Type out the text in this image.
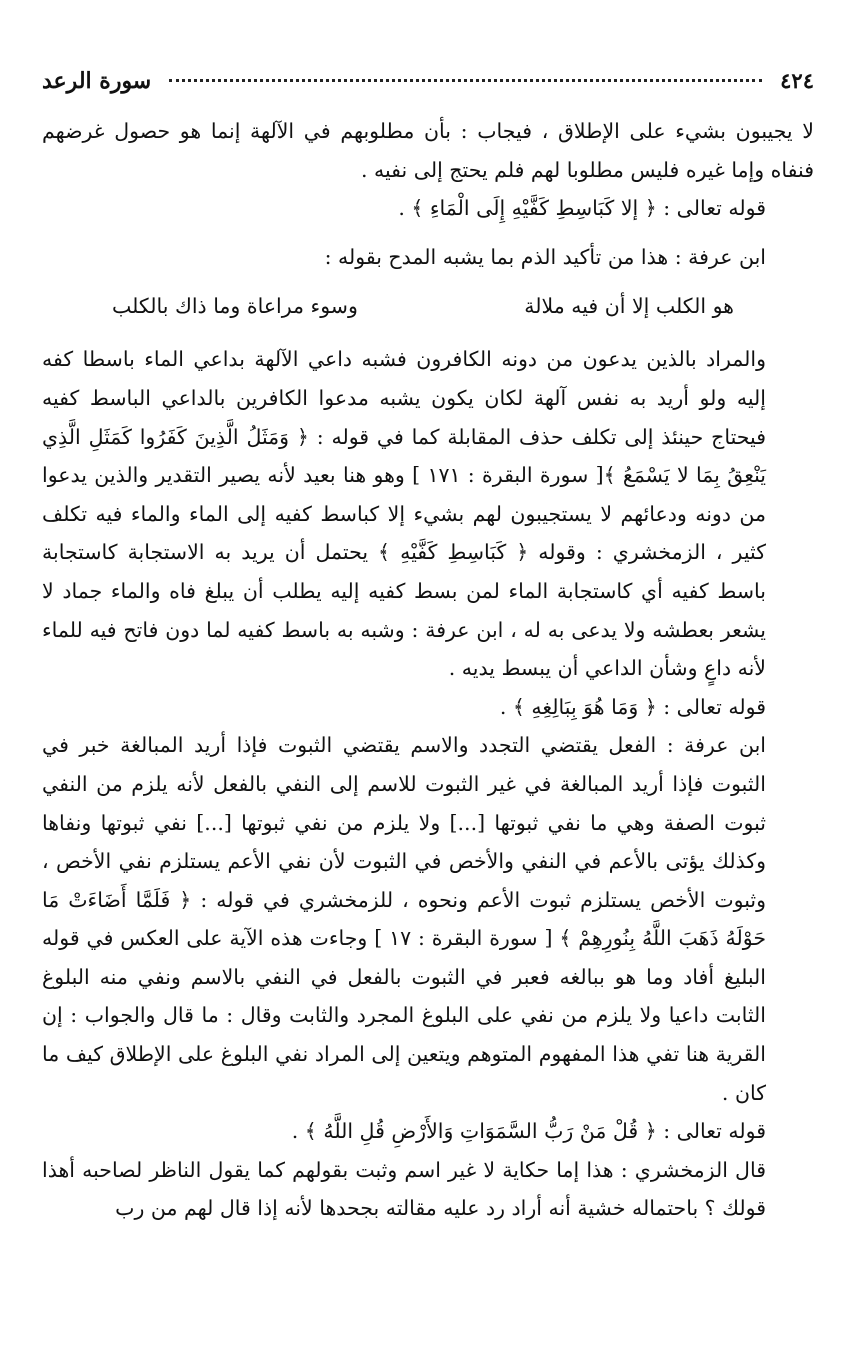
٤٢٤
سورة الرعد

لا يجيبون بشيء على الإطلاق ، فيجاب : بأن مطلوبهم في الآلهة إنما هو حصول غرضهم فنفاه وإما غيره فليس مطلوبا لهم فلم يحتج إلى نفيه .

قوله تعالى : ﴿ إلا كَبَاسِطِ كَفَّيْهِ إِلَى الْمَاءِ ﴾ .

ابن عرفة : هذا من تأكيد الذم بما يشبه المدح بقوله :

هو الكلب إلا أن فيه ملالة
وسوء مراعاة وما ذاك بالكلب

والمراد بالذين يدعون من دونه الكافرون فشبه داعي الآلهة بداعي الماء باسطا كفه إليه ولو أريد به نفس آلهة لكان يكون يشبه مدعوا الكافرين بالداعي الباسط كفيه فيحتاج حينئذ إلى تكلف حذف المقابلة كما في قوله : ﴿ وَمَثَلُ الَّذِينَ كَفَرُوا كَمَثَلِ الَّذِي يَنْعِقُ بِمَا لا يَسْمَعُ ﴾[ سورة البقرة : ١٧١ ] وهو هنا بعيد لأنه يصير التقدير والذين يدعوا من دونه ودعائهم لا يستجيبون لهم بشيء إلا كباسط كفيه إلى الماء والماء فيه تكلف كثير ، الزمخشري : وقوله ﴿ كَبَاسِطِ كَفَّيْهِ ﴾ يحتمل أن يريد به الاستجابة كاستجابة باسط كفيه أي كاستجابة الماء لمن بسط كفيه إليه يطلب أن يبلغ فاه والماء جماد لا يشعر بعطشه ولا يدعى به له ، ابن عرفة : وشبه به باسط كفيه لما دون فاتح فيه للماء لأنه داعٍ وشأن الداعي أن يبسط يديه .

قوله تعالى : ﴿ وَمَا هُوَ بِبَالِغِهِ ﴾ .

ابن عرفة : الفعل يقتضي التجدد والاسم يقتضي الثبوت فإذا أريد المبالغة خبر في الثبوت فإذا أريد المبالغة في غير الثبوت للاسم إلى النفي بالفعل لأنه يلزم من النفي ثبوت الصفة وهي ما نفي ثبوتها [...] ولا يلزم من نفي ثبوتها [...] نفي ثبوتها ونفاها وكذلك يؤتى بالأعم في النفي والأخص في الثبوت لأن نفي الأعم يستلزم نفي الأخص ، وثبوت الأخص يستلزم ثبوت الأعم ونحوه ، للزمخشري في قوله : ﴿ فَلَمَّا أَضَاءَتْ مَا حَوْلَهُ ذَهَبَ اللَّهُ بِنُورِهِمْ ﴾ [ سورة البقرة : ١٧ ] وجاءت هذه الآية على العكس في قوله البليغ أفاد وما هو ببالغه فعبر في الثبوت بالفعل في النفي بالاسم ونفي منه البلوغ الثابت داعيا ولا يلزم من نفي على البلوغ المجرد والثابت وقال : ما قال والجواب : إن القرية هنا تفي هذا المفهوم المتوهم ويتعين إلى المراد نفي البلوغ على الإطلاق كيف ما كان .

قوله تعالى : ﴿ قُلْ مَنْ رَبُّ السَّمَوَاتِ وَالأَرْضِ قُلِ اللَّهُ ﴾ .

قال الزمخشري : هذا إما حكاية لا غير اسم وثبت بقولهم كما يقول الناظر لصاحبه أهذا قولك ؟ باحتماله خشية أنه أراد رد عليه مقالته بجحدها لأنه إذا قال لهم من رب
